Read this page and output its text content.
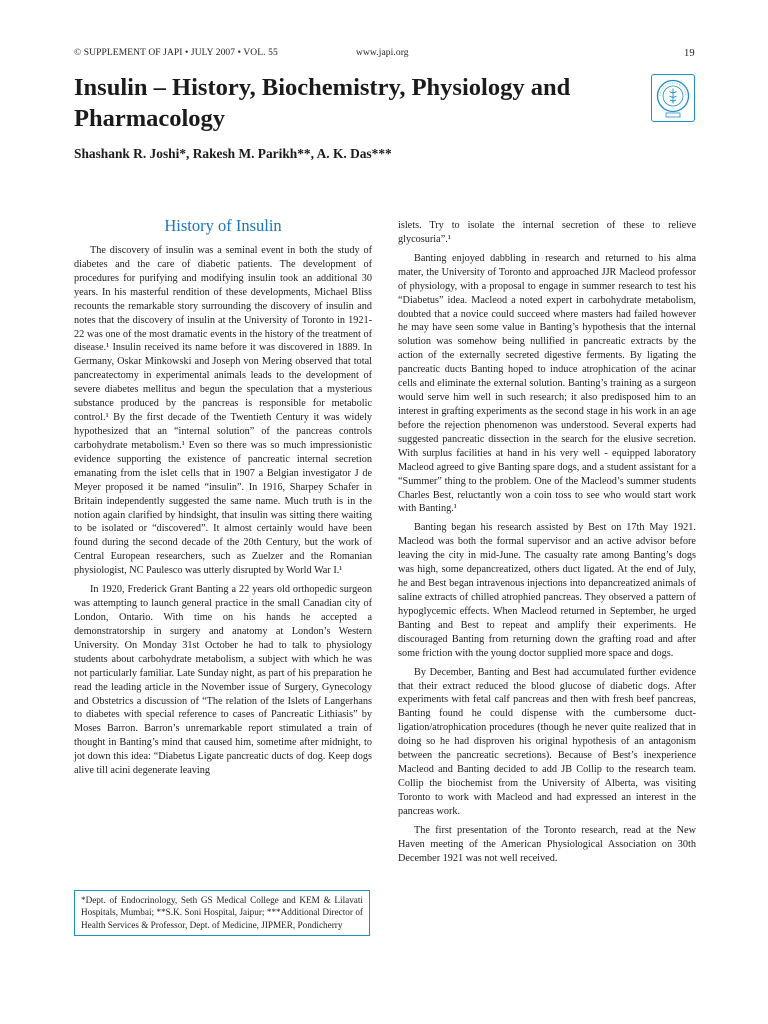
© SUPPLEMENT OF JAPI • JULY 2007 • VOL. 55	www.japi.org	19
Insulin – History, Biochemistry, Physiology and Pharmacology

Shashank R. Joshi*, Rakesh M. Parikh**, A. K. Das***

History of Insulin

The discovery of insulin was a seminal event in both the study of diabetes and the care of diabetic patients. The development of procedures for purifying and modifying insulin took an additional 30 years. In his masterful rendition of these developments, Michael Bliss recounts the remarkable story surrounding the discovery of insulin and notes that the discovery of insulin at the University of Toronto in 1921-22 was one of the most dramatic events in the history of the treatment of disease.¹ Insulin received its name before it was discovered in 1889. In Germany, Oskar Minkowski and Joseph von Mering observed that total pancreatectomy in experimental animals leads to the development of severe diabetes mellitus and begun the speculation that a mysterious substance produced by the pancreas is responsible for metabolic control.¹ By the first decade of the Twentieth Century it was widely hypothesized that an “internal solution” of the pancreas controls carbohydrate metabolism.¹ Even so there was so much impressionistic evidence supporting the existence of pancreatic internal secretion emanating from the islet cells that in 1907 a Belgian investigator J de Meyer proposed it be named “insulin”. In 1916, Sharpey Schafer in Britain independently suggested the same name. Much truth is in the notion again clarified by hindsight, that insulin was sitting there waiting to be isolated or “discovered”. It almost certainly would have been found during the second decade of the 20th Century, but the work of Central European researchers, such as Zuelzer and the Romanian physiologist, NC Paulesco was utterly disrupted by World War I.¹

In 1920, Frederick Grant Banting a 22 years old orthopedic surgeon was attempting to launch general practice in the small Canadian city of London, Ontario. With time on his hands he accepted a demonstratorship in surgery and anatomy at London’s Western University. On Monday 31st October he had to talk to physiology students about carbohydrate metabolism, a subject with which he was not particularly familiar. Late Sunday night, as part of his preparation he read the leading article in the November issue of Surgery, Gynecology and Obstetrics a discussion of “The relation of the Islets of Langerhans to diabetes with special reference to cases of Pancreatic Lithiasis” by Moses Barron. Barron’s unremarkable report stimulated a train of thought in Banting’s mind that caused him, sometime after midnight, to jot down this idea: “Diabetus Ligate pancreatic ducts of dog. Keep dogs alive till acini degenerate leaving

islets. Try to isolate the internal secretion of these to relieve glycosuria”.¹

Banting enjoyed dabbling in research and returned to his alma mater, the University of Toronto and approached JJR Macleod professor of physiology, with a proposal to engage in summer research to test his “Diabetus” idea. Macleod a noted expert in carbohydrate metabolism, doubted that a novice could succeed where masters had failed however he may have seen some value in Banting’s hypothesis that the internal solution was somehow being nullified in pancreatic extracts by the action of the externally secreted digestive ferments. By ligating the pancreatic ducts Banting hoped to induce atrophication of the acinar cells and eliminate the external solution. Banting’s training as a surgeon would serve him well in such research; it also predisposed him to an interest in grafting experiments as the second stage in his work in an age before the rejection phenomenon was understood. Several experts had suggested pancreatic dissection in the search for the elusive secretion. With surplus facilities at hand in his very well - equipped laboratory Macleod agreed to give Banting spare dogs, and a student assistant for a “Summer” thing to the problem. One of the Macleod’s summer students Charles Best, reluctantly won a coin toss to see who would start work with Banting.¹

Banting began his research assisted by Best on 17th May 1921. Macleod was both the formal supervisor and an active advisor before leaving the city in mid-June. The casualty rate among Banting’s dogs was high, some depancreatized, others duct ligated. At the end of July, he and Best began intravenous injections into depancreatized animals of saline extracts of chilled atrophied pancreas. They observed a pattern of hypoglycemic effects. When Macleod returned in September, he urged Banting and Best to repeat and amplify their experiments. He discouraged Banting from returning down the grafting road and after some friction with the young doctor supplied more space and dogs.

By December, Banting and Best had accumulated further evidence that their extract reduced the blood glucose of diabetic dogs. After experiments with fetal calf pancreas and then with fresh beef pancreas, Banting found he could dispense with the cumbersome duct-ligation/atrophication procedures (though he never quite realized that in doing so he had disproven his original hypothesis of an antagonism between the pancreatic secretions). Because of Best’s inexperience Macleod and Banting decided to add JB Collip to the research team. Collip the biochemist from the University of Alberta, was visiting Toronto to work with Macleod and had expressed an interest in the pancreas work.

The first presentation of the Toronto research, read at the New Haven meeting of the American Physiological Association on 30th December 1921 was not well received.

*Dept. of Endocrinology, Seth GS Medical College and KEM & Lilavati Hospitals, Mumbai; **S.K. Soni Hospital, Jaipur; ***Additional Director of Health Services & Professor, Dept. of Medicine, JIPMER, Pondicherry
